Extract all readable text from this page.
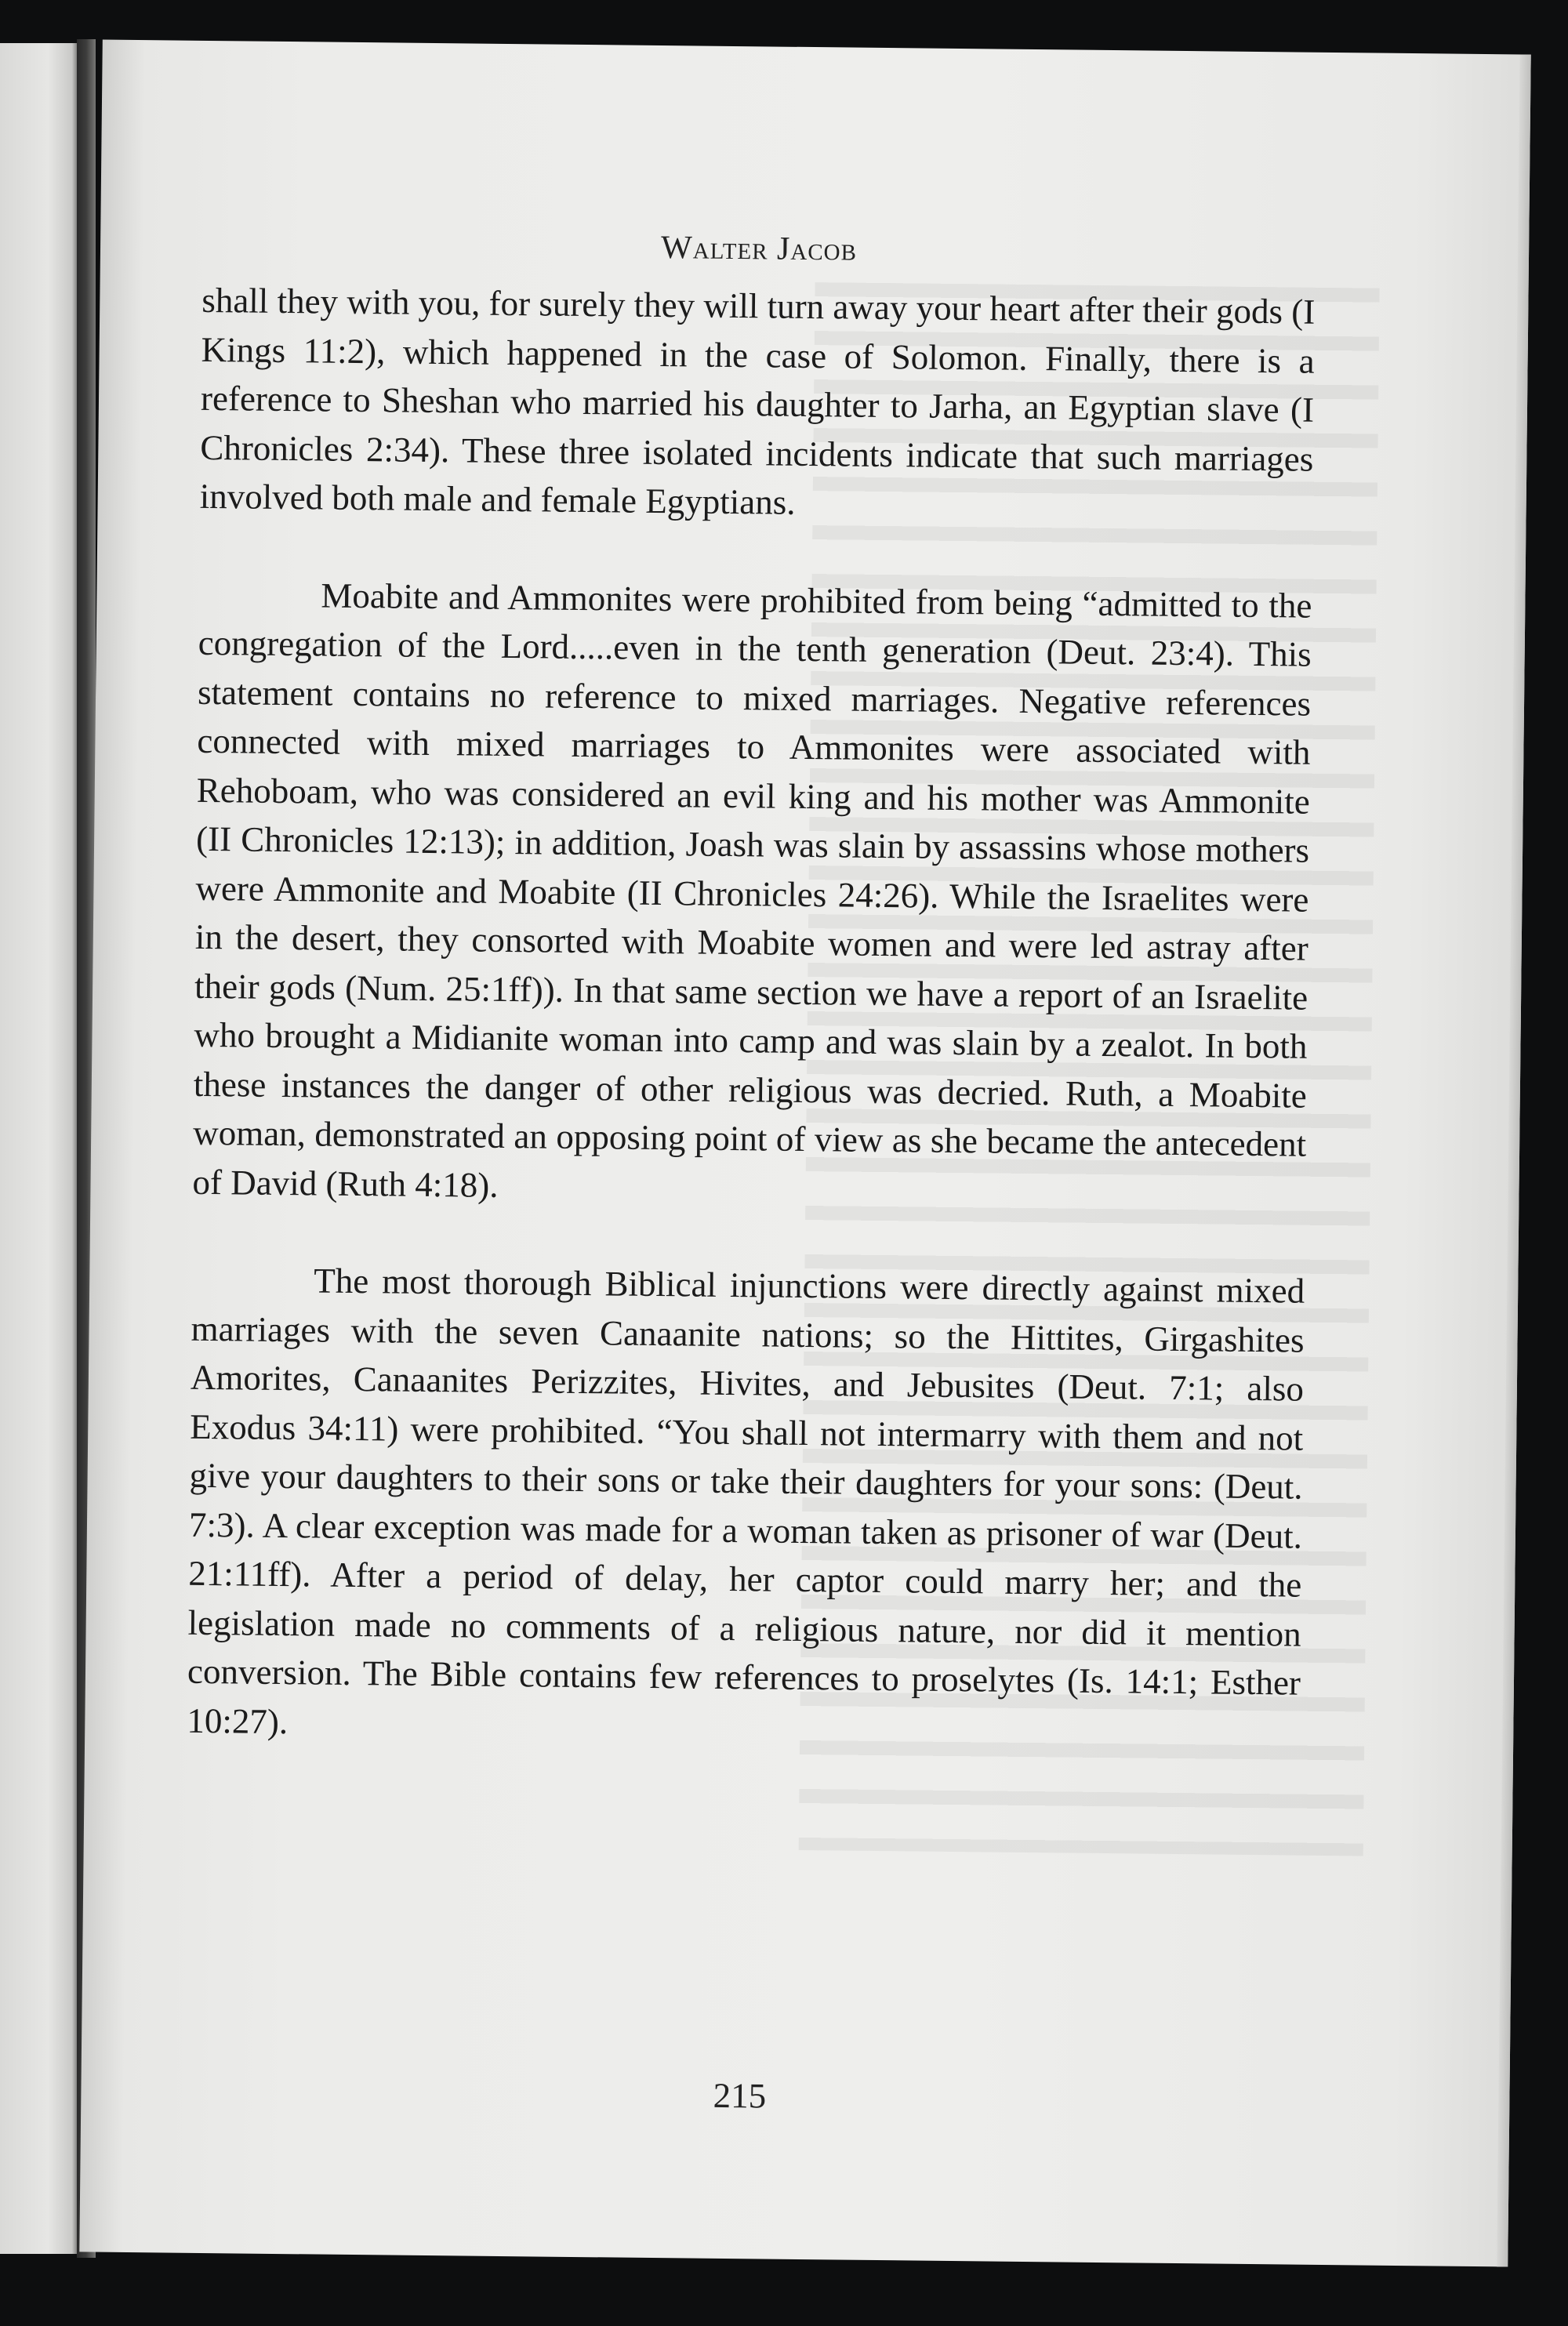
Walter Jacob

shall they with you, for surely they will turn away your heart after their gods (I Kings 11:2), which happened in the case of Solomon. Finally, there is a reference to Sheshan who married his daughter to Jarha, an Egyptian slave (I Chronicles 2:34). These three isolated incidents indicate that such marriages involved both male and female Egyptians.

Moabite and Ammonites were prohibited from being “admitted to the congregation of the Lord.....even in the tenth generation (Deut. 23:4). This statement contains no reference to mixed marriages. Negative references connected with mixed marriages to Ammonites were associated with Rehoboam, who was considered an evil king and his mother was Ammonite (II Chronicles 12:13); in addition, Joash was slain by assassins whose mothers were Ammonite and Moabite (II Chronicles 24:26). While the Israelites were in the desert, they consorted with Moabite women and were led astray after their gods (Num. 25:1ff)). In that same section we have a report of an Israelite who brought a Midianite woman into camp and was slain by a zealot. In both these instances the danger of other religious was decried. Ruth, a Moabite woman, demonstrated an opposing point of view as she became the antecedent of David (Ruth 4:18).

The most thorough Biblical injunctions were directly against mixed marriages with the seven Canaanite nations; so the Hittites, Girgashites Amorites, Canaanites Perizzites, Hivites, and Jebusites (Deut. 7:1; also Exodus 34:11) were prohibited. “You shall not intermarry with them and not give your daughters to their sons or take their daughters for your sons: (Deut. 7:3). A clear exception was made for a woman taken as prisoner of war (Deut. 21:11ff). After a period of delay, her captor could marry her; and the legislation made no comments of a religious nature, nor did it mention conversion. The Bible contains few references to proselytes (Is. 14:1; Esther 10:27).

215
